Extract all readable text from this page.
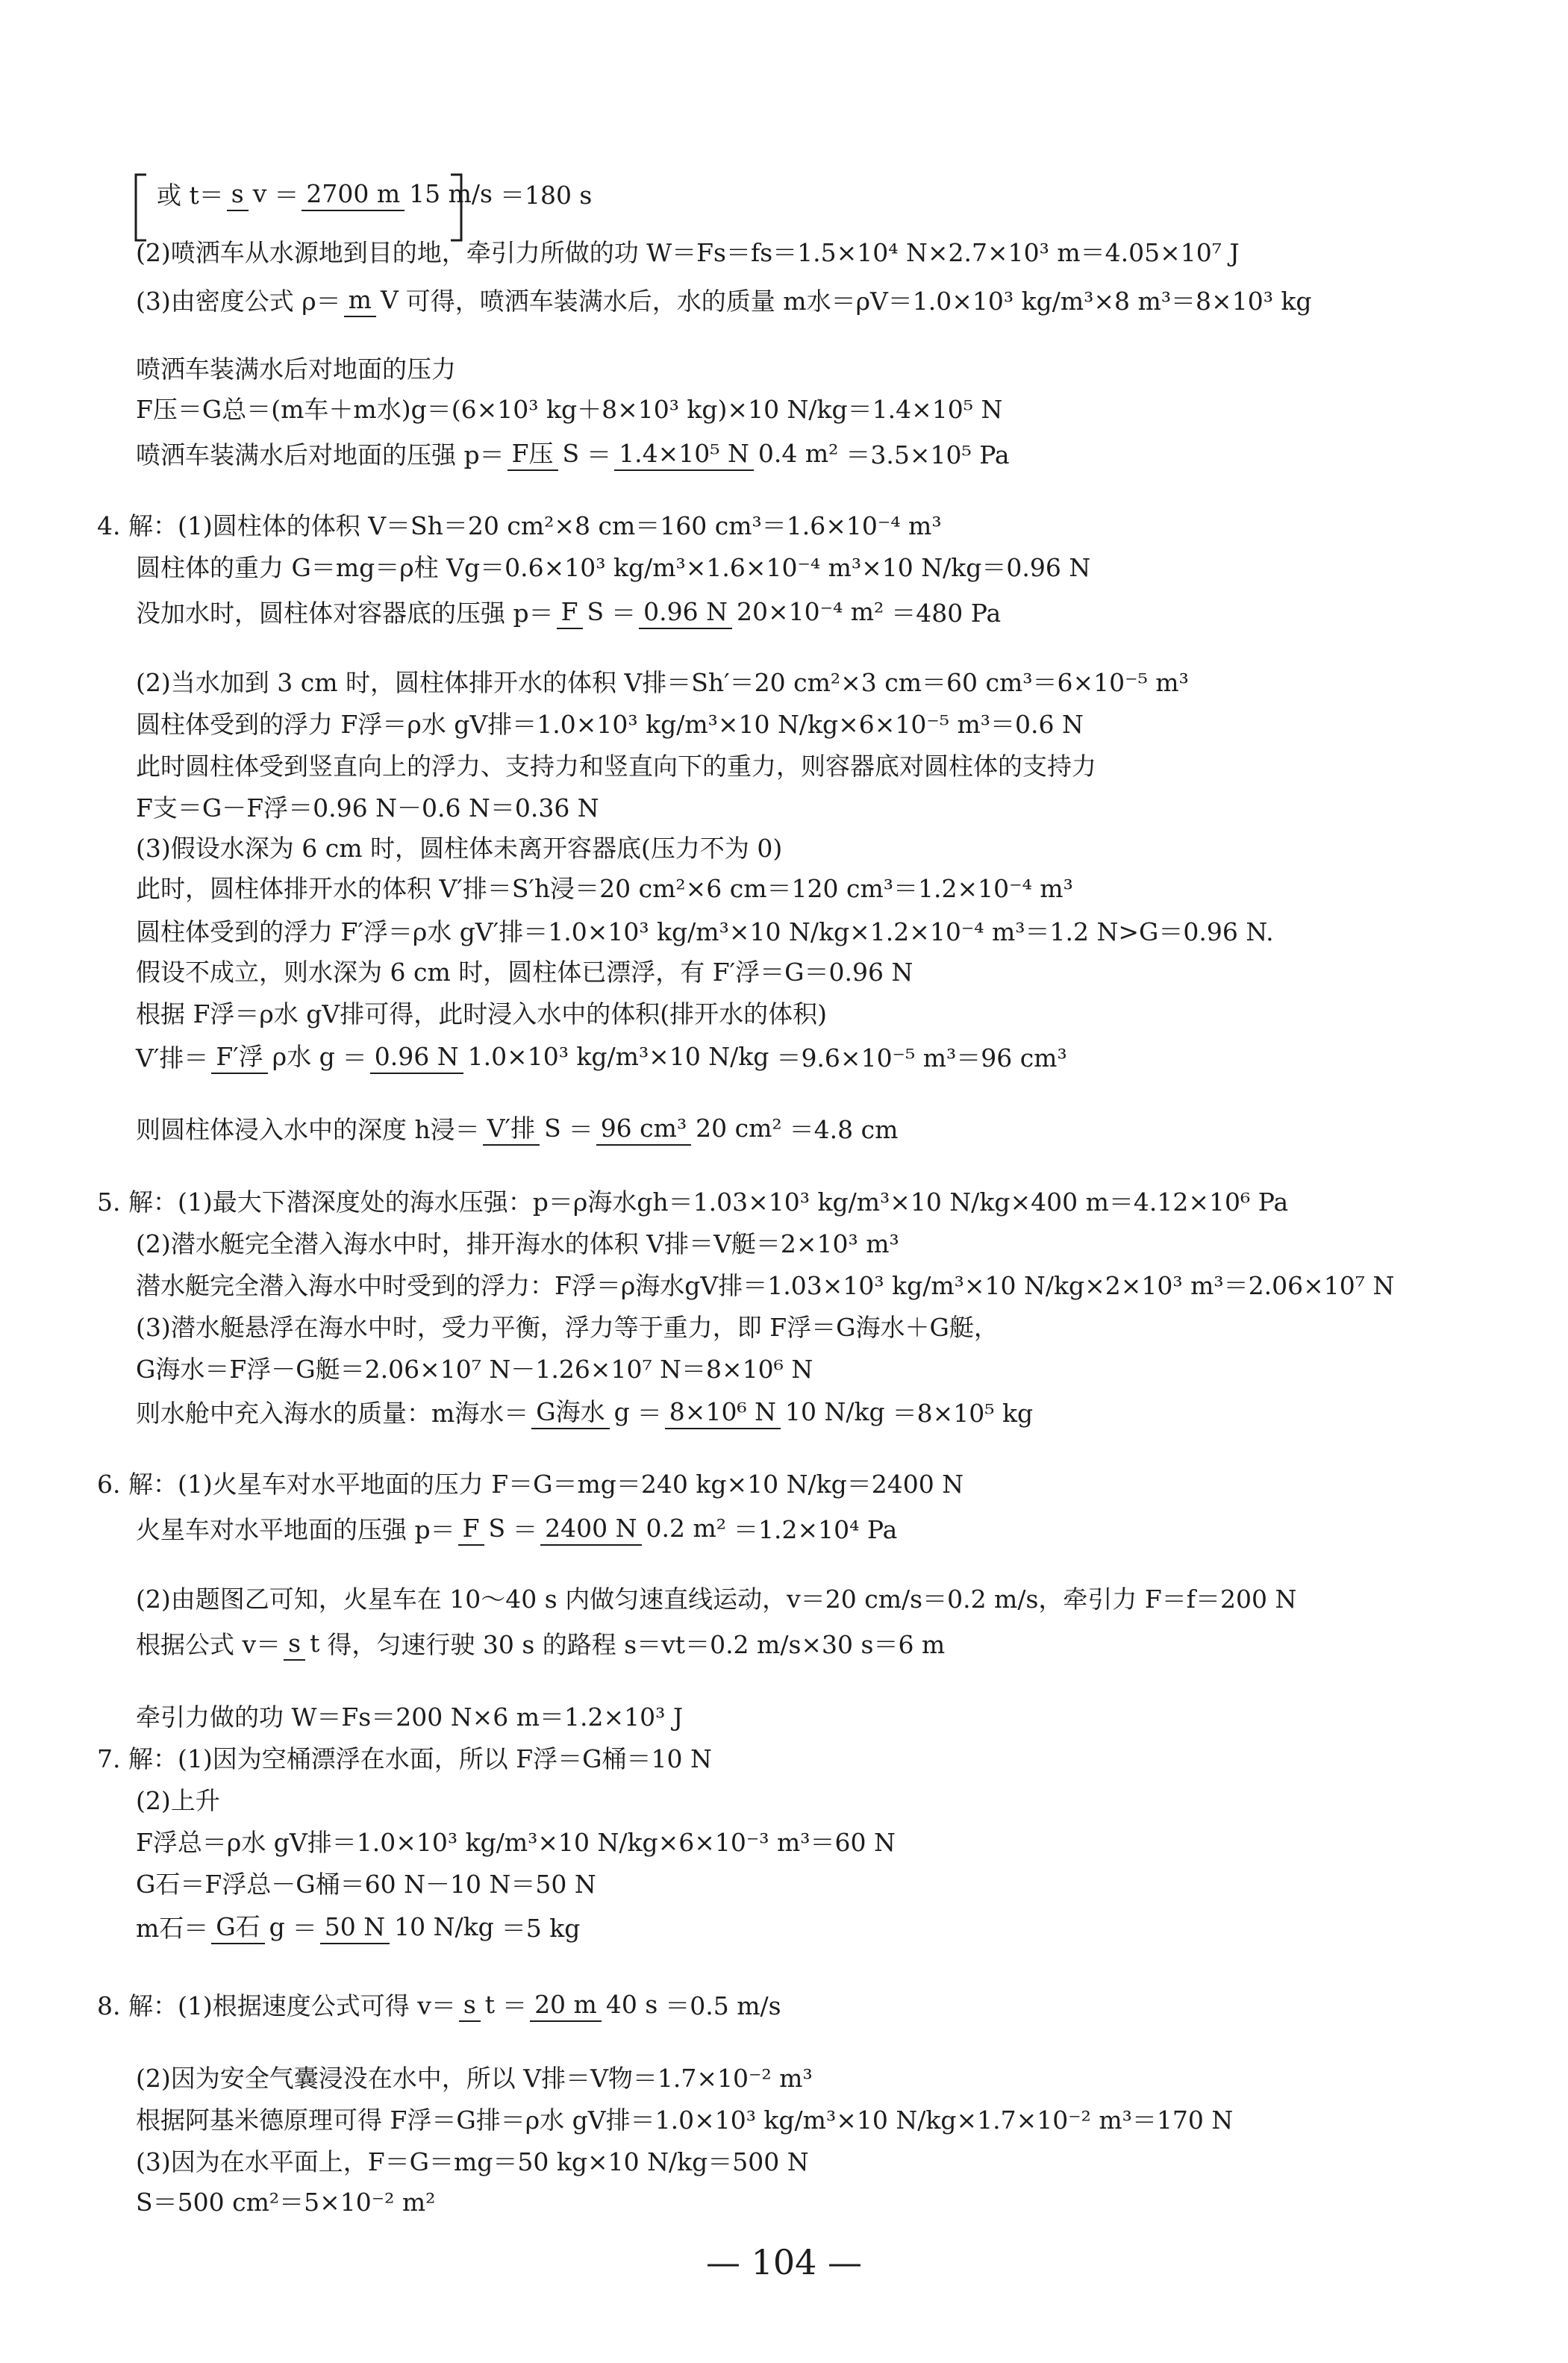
或 t＝ s v ＝ 2700 m 15 m/s ＝180 s
(2)喷洒车从水源地到目的地，牵引力所做的功 W＝Fs＝fs＝1.5×10⁴ N×2.7×10³ m＝4.05×10⁷ J
(3)由密度公式 ρ＝ m V 可得，喷洒车装满水后，水的质量 m水＝ρV＝1.0×10³ kg/m³×8 m³＝8×10³ kg
喷洒车装满水后对地面的压力
F压＝G总＝(m车＋m水)g＝(6×10³ kg＋8×10³ kg)×10 N/kg＝1.4×10⁵ N
喷洒车装满水后对地面的压强 p＝ F压 S ＝ 1.4×10⁵ N 0.4 m² ＝3.5×10⁵ Pa
4. 解：(1)圆柱体的体积 V＝Sh＝20 cm²×8 cm＝160 cm³＝1.6×10⁻⁴ m³
圆柱体的重力 G＝mg＝ρ柱 Vg＝0.6×10³ kg/m³×1.6×10⁻⁴ m³×10 N/kg＝0.96 N
没加水时，圆柱体对容器底的压强 p＝ F S ＝ 0.96 N 20×10⁻⁴ m² ＝480 Pa
(2)当水加到 3 cm 时，圆柱体排开水的体积 V排＝Sh′＝20 cm²×3 cm＝60 cm³＝6×10⁻⁵ m³
圆柱体受到的浮力 F浮＝ρ水 gV排＝1.0×10³ kg/m³×10 N/kg×6×10⁻⁵ m³＝0.6 N
此时圆柱体受到竖直向上的浮力、支持力和竖直向下的重力，则容器底对圆柱体的支持力
F支＝G－F浮＝0.96 N－0.6 N＝0.36 N
(3)假设水深为 6 cm 时，圆柱体未离开容器底(压力不为 0)
此时，圆柱体排开水的体积 V′排＝S′h浸＝20 cm²×6 cm＝120 cm³＝1.2×10⁻⁴ m³
圆柱体受到的浮力 F′浮＝ρ水 gV′排＝1.0×10³ kg/m³×10 N/kg×1.2×10⁻⁴ m³＝1.2 N>G＝0.96 N.
假设不成立，则水深为 6 cm 时，圆柱体已漂浮，有 F′浮＝G＝0.96 N
根据 F浮＝ρ水 gV排可得，此时浸入水中的体积(排开水的体积)
V′排＝ F′浮 ρ水 g ＝ 0.96 N 1.0×10³ kg/m³×10 N/kg ＝9.6×10⁻⁵ m³＝96 cm³
则圆柱体浸入水中的深度 h浸＝ V′排 S ＝ 96 cm³ 20 cm² ＝4.8 cm
5. 解：(1)最大下潜深度处的海水压强：p＝ρ海水gh＝1.03×10³ kg/m³×10 N/kg×400 m＝4.12×10⁶ Pa
(2)潜水艇完全潜入海水中时，排开海水的体积 V排＝V艇＝2×10³ m³
潜水艇完全潜入海水中时受到的浮力：F浮＝ρ海水gV排＝1.03×10³ kg/m³×10 N/kg×2×10³ m³＝2.06×10⁷ N
(3)潜水艇悬浮在海水中时，受力平衡，浮力等于重力，即 F浮＝G海水＋G艇，
G海水＝F浮－G艇＝2.06×10⁷ N－1.26×10⁷ N＝8×10⁶ N
则水舱中充入海水的质量：m海水＝ G海水 g ＝ 8×10⁶ N 10 N/kg ＝8×10⁵ kg
6. 解：(1)火星车对水平地面的压力 F＝G＝mg＝240 kg×10 N/kg＝2400 N
火星车对水平地面的压强 p＝ F S ＝ 2400 N 0.2 m² ＝1.2×10⁴ Pa
(2)由题图乙可知，火星车在 10～40 s 内做匀速直线运动，v＝20 cm/s＝0.2 m/s，牵引力 F＝f＝200 N
根据公式 v＝ s t 得，匀速行驶 30 s 的路程 s＝vt＝0.2 m/s×30 s＝6 m
牵引力做的功 W＝Fs＝200 N×6 m＝1.2×10³ J
7. 解：(1)因为空桶漂浮在水面，所以 F浮＝G桶＝10 N
(2)上升
F浮总＝ρ水 gV排＝1.0×10³ kg/m³×10 N/kg×6×10⁻³ m³＝60 N
G石＝F浮总－G桶＝60 N－10 N＝50 N
m石＝ G石 g ＝ 50 N 10 N/kg ＝5 kg
8. 解：(1)根据速度公式可得 v＝ s t ＝ 20 m 40 s ＝0.5 m/s
(2)因为安全气囊浸没在水中，所以 V排＝V物＝1.7×10⁻² m³
根据阿基米德原理可得 F浮＝G排＝ρ水 gV排＝1.0×10³ kg/m³×10 N/kg×1.7×10⁻² m³＝170 N
(3)因为在水平面上，F＝G＝mg＝50 kg×10 N/kg＝500 N
S＝500 cm²＝5×10⁻² m²
— 104 —
